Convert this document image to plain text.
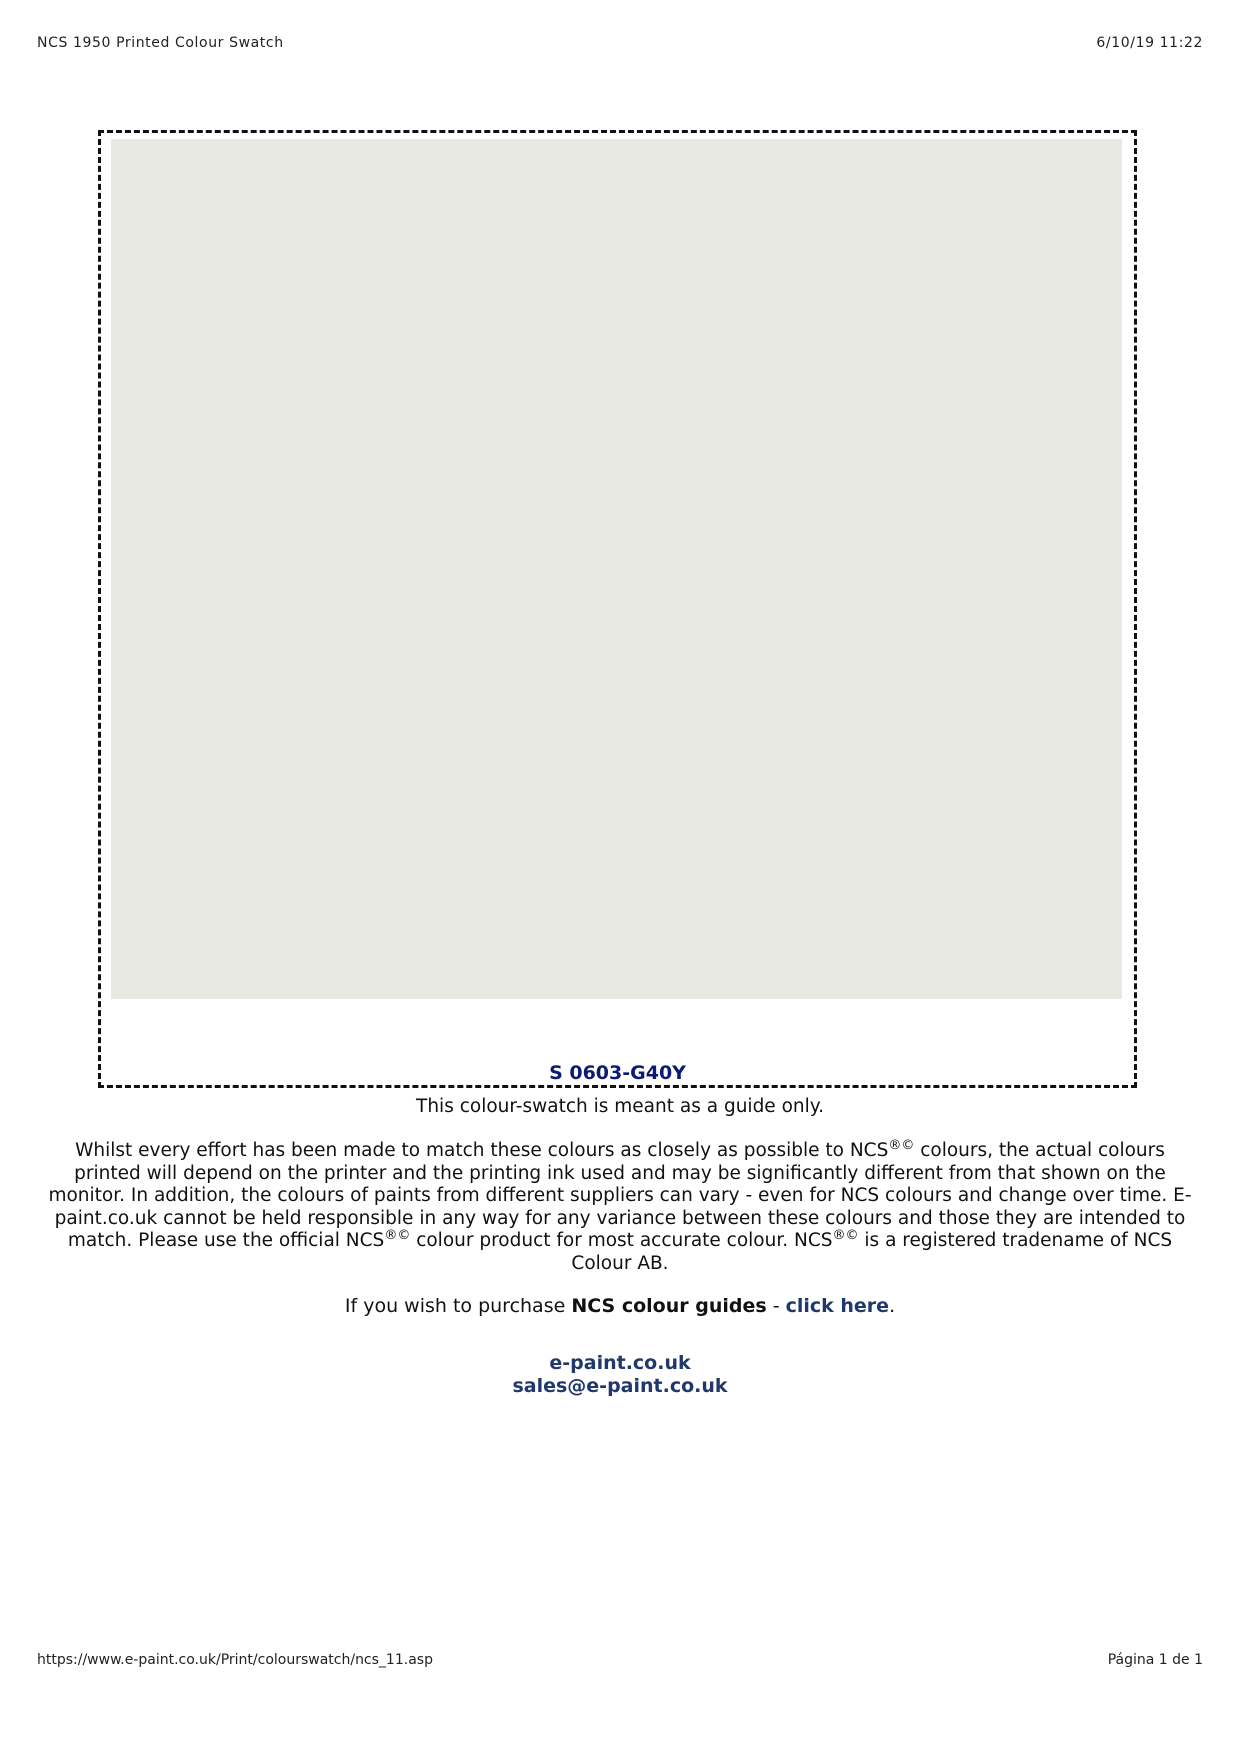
NCS 1950 Printed Colour Swatch	6/10/19 11:22
S 0603-G40Y
This colour-swatch is meant as a guide only.
Whilst every effort has been made to match these colours as closely as possible to NCS®© colours, the actual colours printed will depend on the printer and the printing ink used and may be significantly different from that shown on the monitor. In addition, the colours of paints from different suppliers can vary - even for NCS colours and change over time. E-paint.co.uk cannot be held responsible in any way for any variance between these colours and those they are intended to match. Please use the official NCS®© colour product for most accurate colour. NCS®© is a registered tradename of NCS Colour AB.
If you wish to purchase NCS colour guides - click here.
e-paint.co.uk
sales@e-paint.co.uk
https://www.e-paint.co.uk/Print/colourswatch/ncs_11.asp	Página 1 de 1
